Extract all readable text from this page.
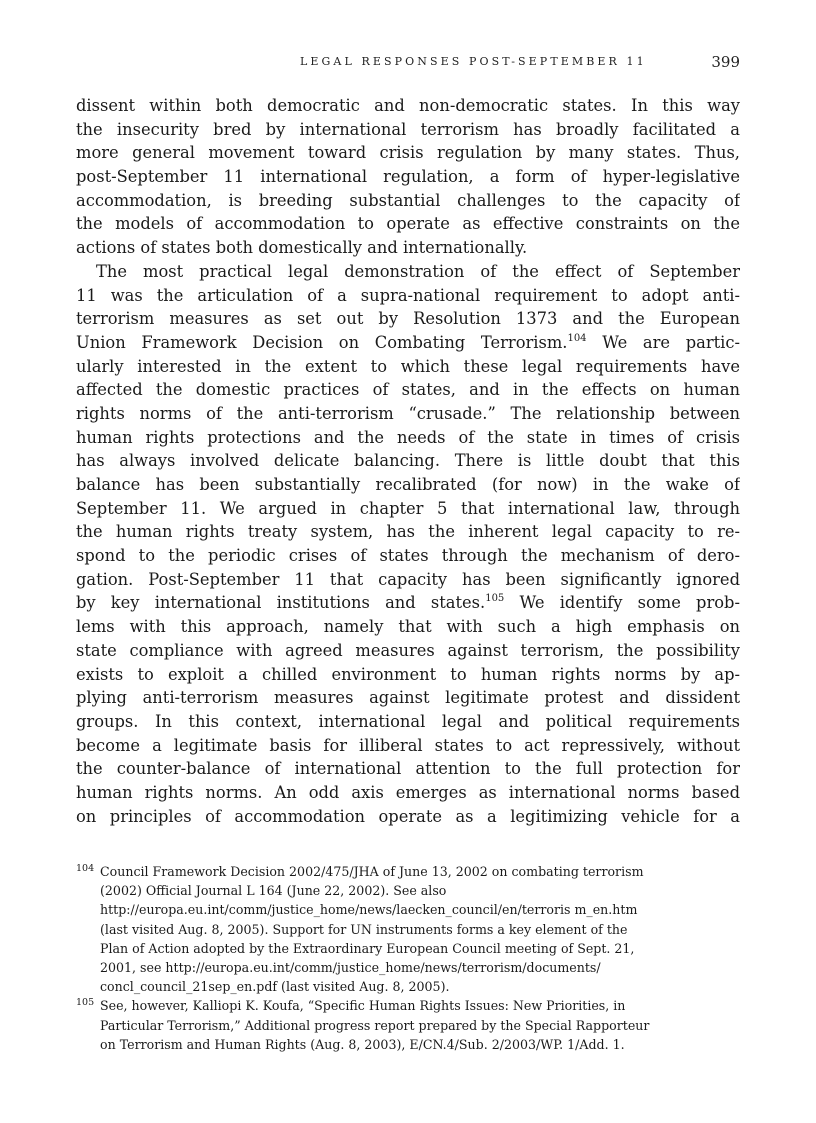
LEGAL RESPONSES POST-SEPTEMBER 11	399
dissent within both democratic and non-democratic states. In this way
the insecurity bred by international terrorism has broadly facilitated a
more general movement toward crisis regulation by many states. Thus,
post-September 11 international regulation, a form of hyper-legislative
accommodation, is breeding substantial challenges to the capacity of
the models of accommodation to operate as effective constraints on the
actions of states both domestically and internationally.
The most practical legal demonstration of the effect of September
11 was the articulation of a supra-national requirement to adopt anti-
terrorism measures as set out by Resolution 1373 and the European
Union Framework Decision on Combating Terrorism.$^{104}$ We are partic-
ularly interested in the extent to which these legal requirements have
affected the domestic practices of states, and in the effects on human
rights norms of the anti-terrorism “crusade.” The relationship between
human rights protections and the needs of the state in times of crisis
has always involved delicate balancing. There is little doubt that this
balance has been substantially recalibrated (for now) in the wake of
September 11. We argued in chapter 5 that international law, through
the human rights treaty system, has the inherent legal capacity to re-
spond to the periodic crises of states through the mechanism of dero-
gation. Post-September 11 that capacity has been significantly ignored
by key international institutions and states.$^{105}$ We identify some prob-
lems with this approach, namely that with such a high emphasis on
state compliance with agreed measures against terrorism, the possibility
exists to exploit a chilled environment to human rights norms by ap-
plying anti-terrorism measures against legitimate protest and dissident
groups. In this context, international legal and political requirements
become a legitimate basis for illiberal states to act repressively, without
the counter-balance of international attention to the full protection for
human rights norms. An odd axis emerges as international norms based
on principles of accommodation operate as a legitimizing vehicle for a
104 Council Framework Decision 2002/475/JHA of June 13, 2002 on combating terrorism
(2002) Official Journal L 164 (June 22, 2002). See also
http://europa.eu.int/comm/justice_home/news/laecken_council/en/terroris m_en.htm
(last visited Aug. 8, 2005). Support for UN instruments forms a key element of the
Plan of Action adopted by the Extraordinary European Council meeting of Sept. 21,
2001, see http://europa.eu.int/comm/justice_home/news/terrorism/documents/
concl_council_21sep_en.pdf (last visited Aug. 8, 2005).
105 See, however, Kalliopi K. Koufa, “Specific Human Rights Issues: New Priorities, in
Particular Terrorism,” Additional progress report prepared by the Special Rapporteur
on Terrorism and Human Rights (Aug. 8, 2003), E/CN.4/Sub. 2/2003/WP. 1/Add. 1.
